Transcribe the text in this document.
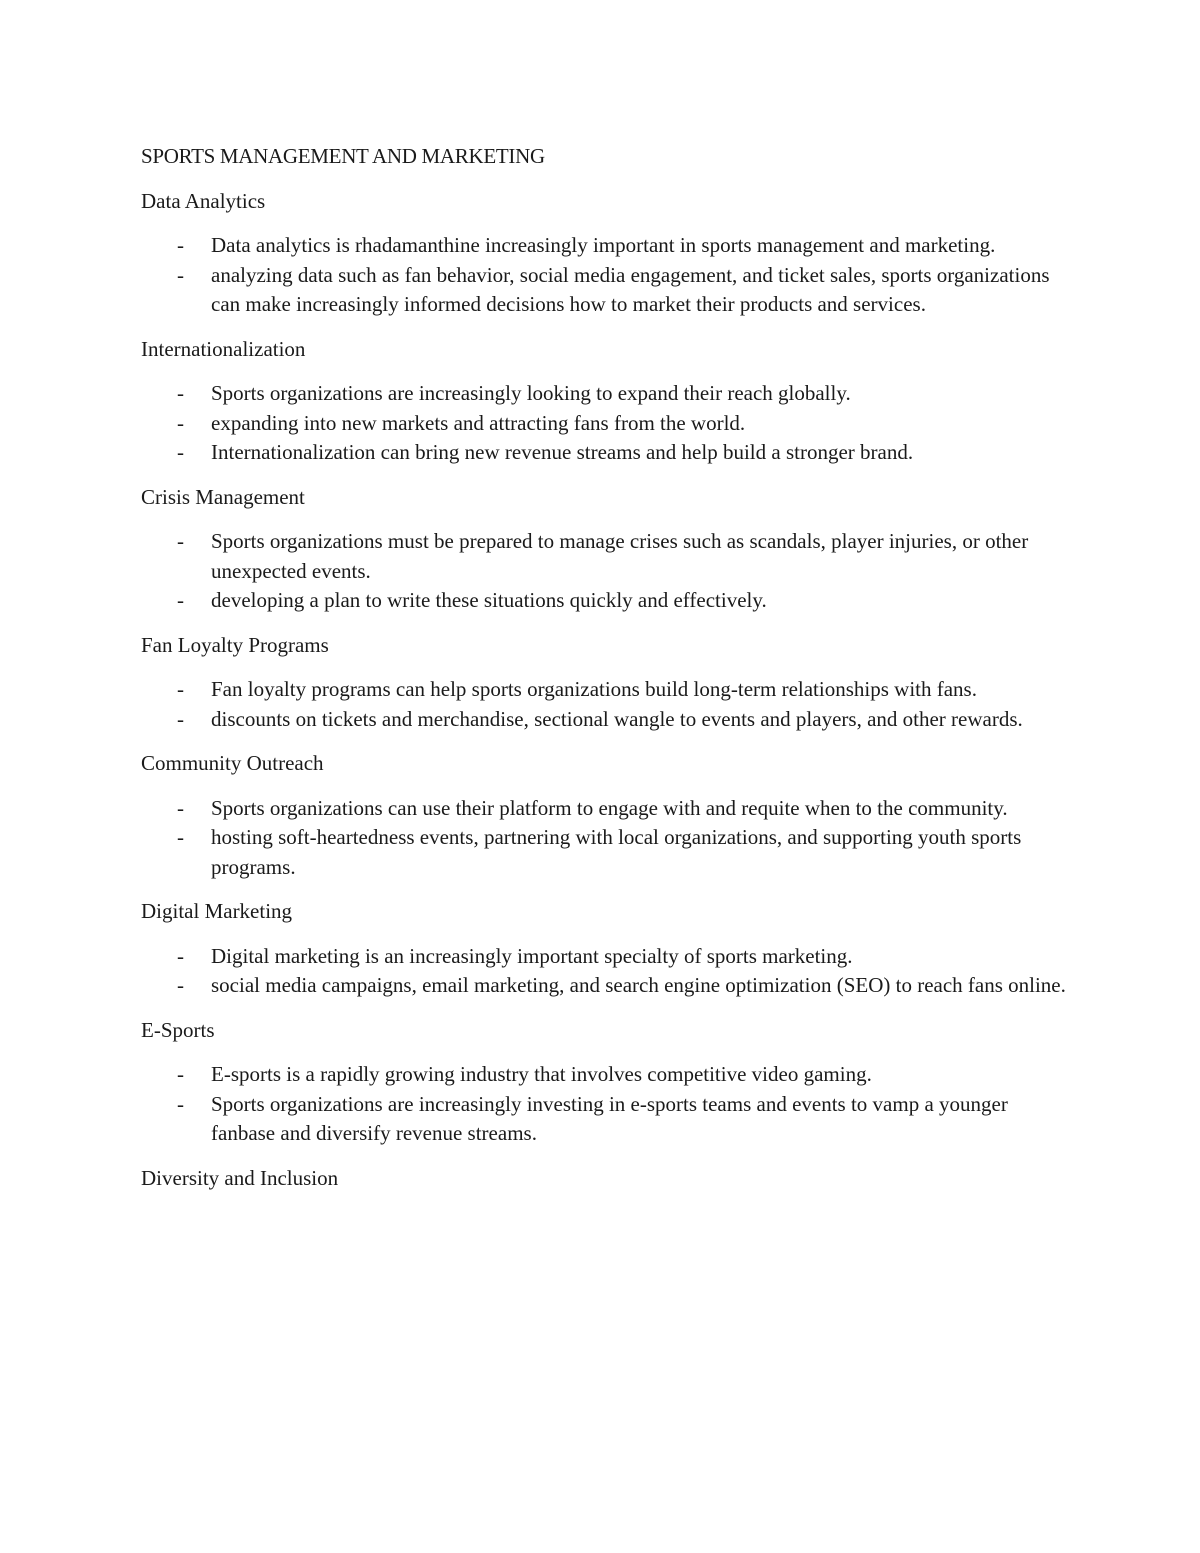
SPORTS MANAGEMENT AND MARKETING
Data Analytics
- Data analytics is rhadamanthine increasingly important in sports management and marketing.
- analyzing data such as fan behavior, social media engagement, and ticket sales, sports organizations can make increasingly informed decisions how to market their products and services.
Internationalization
- Sports organizations are increasingly looking to expand their reach globally.
- expanding into new markets and attracting fans from the world.
- Internationalization can bring new revenue streams and help build a stronger brand.
Crisis Management
- Sports organizations must be prepared to manage crises such as scandals, player injuries, or other unexpected events.
- developing a plan to write these situations quickly and effectively.
Fan Loyalty Programs
- Fan loyalty programs can help sports organizations build long-term relationships with fans.
- discounts on tickets and merchandise, sectional wangle to events and players, and other rewards.
Community Outreach
- Sports organizations can use their platform to engage with and requite when to the community.
- hosting soft-heartedness events, partnering with local organizations, and supporting youth sports programs.
Digital Marketing
- Digital marketing is an increasingly important specialty of sports marketing.
- social media campaigns, email marketing, and search engine optimization (SEO) to reach fans online.
E-Sports
- E-sports is a rapidly growing industry that involves competitive video gaming.
- Sports organizations are increasingly investing in e-sports teams and events to vamp a younger fanbase and diversify revenue streams.
Diversity and Inclusion
